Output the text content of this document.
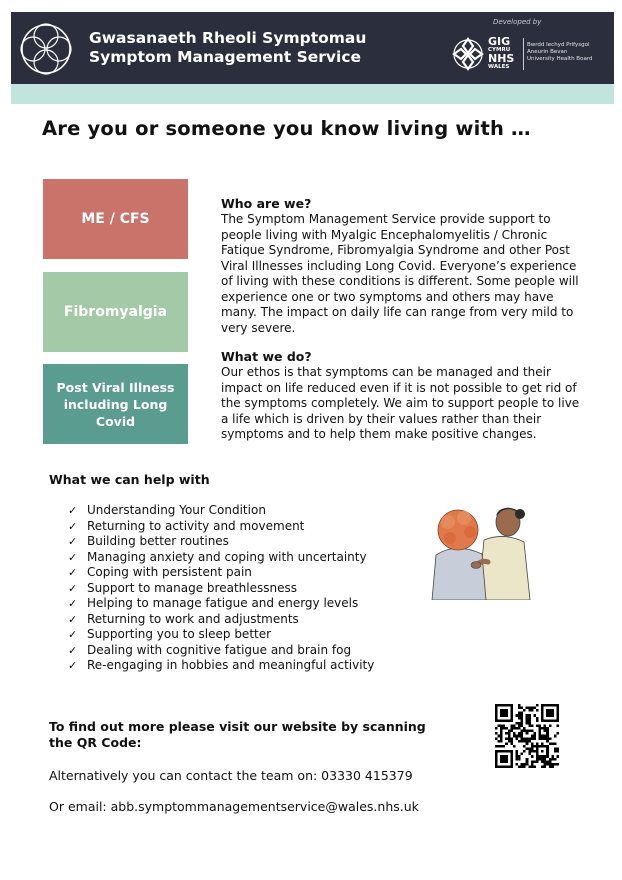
Gwasanaeth Rheoli Symptomau
Symptom Management Service
Developed by
GIG
CYMRU
NHS
WALES
Bwrdd Iechyd Prifysgol
Aneurin Bevan
University Health Board
Are you or someone you know living with …
ME / CFS
Fibromyalgia
Post Viral Illness including Long Covid
Who are we?

The Symptom Management Service provide support to people living with Myalgic Encephalomyelitis / Chronic Fatique Syndrome, Fibromyalgia Syndrome and other Post Viral Illnesses including Long Covid. Everyone’s experience of living with these conditions is different. Some people will experience one or two symptoms and others may have many. The impact on daily life can range from very mild to very severe.

What we do?

Our ethos is that symptoms can be managed and their impact on life reduced even if it is not possible to get rid of the symptoms completely. We aim to support people to live a life which is driven by their values rather than their symptoms and to help them make positive changes.

What we can help with
✓ Understanding Your Condition
✓ Returning to activity and movement
✓ Building better routines
✓ Managing anxiety and coping with uncertainty
✓ Coping with persistent pain
✓ Support to manage breathlessness
✓ Helping to manage fatigue and energy levels
✓ Returning to work and adjustments
✓ Supporting you to sleep better
✓ Dealing with cognitive fatigue and brain fog
✓ Re-engaging in hobbies and meaningful activity

To find out more please visit our website by scanning the QR Code:

Alternatively you can contact the team on: 03330 415379

Or email: abb.symptommanagementservice@wales.nhs.uk
